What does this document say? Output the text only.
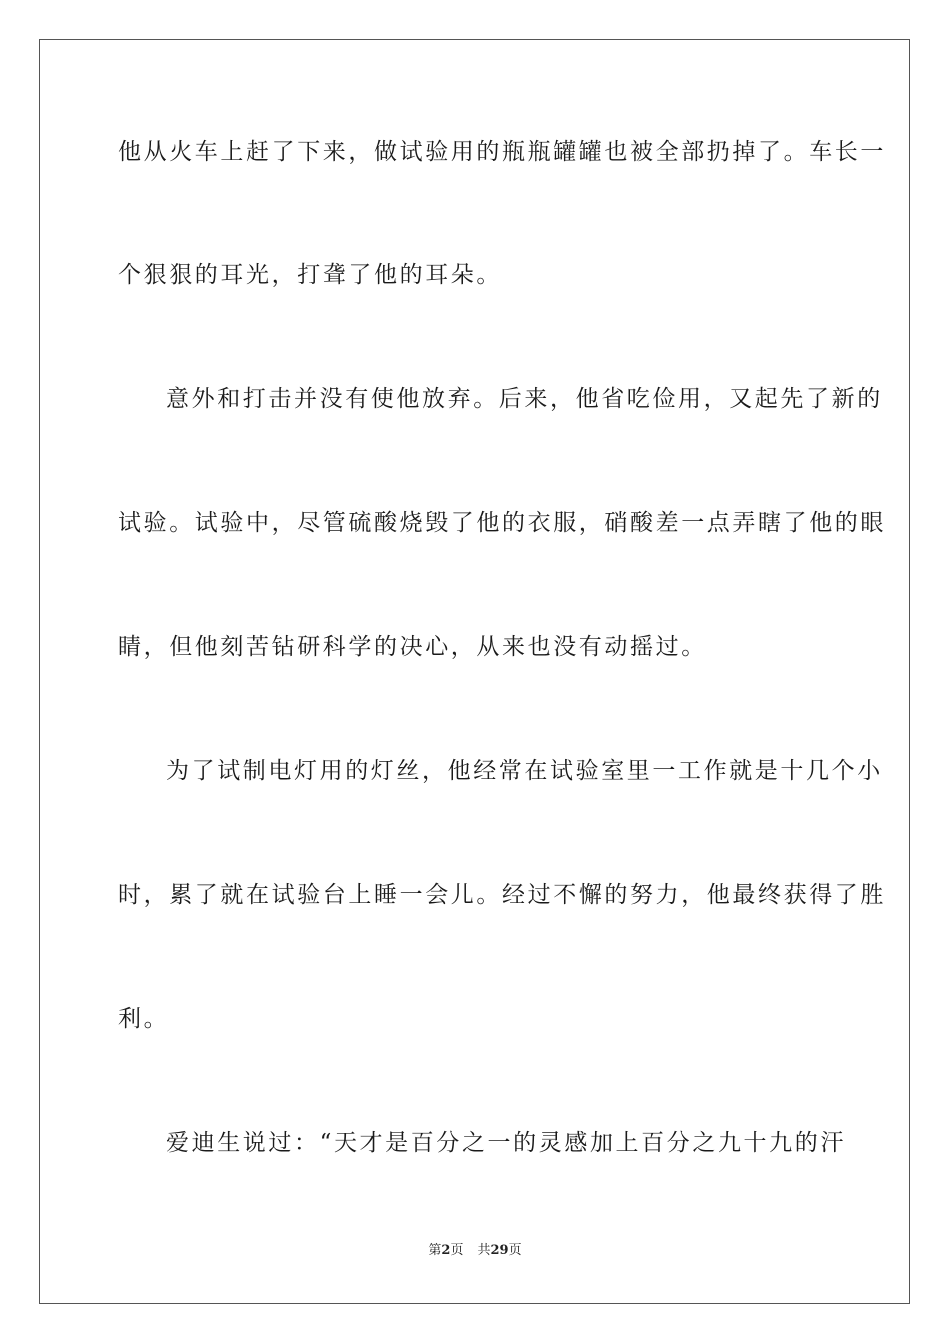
他从火车上赶了下来，做试验用的瓶瓶罐罐也被全部扔掉了。车长一
个狠狠的耳光，打聋了他的耳朵。
意外和打击并没有使他放弃。后来，他省吃俭用，又起先了新的
试验。试验中，尽管硫酸烧毁了他的衣服，硝酸差一点弄瞎了他的眼
睛，但他刻苦钻研科学的决心，从来也没有动摇过。
为了试制电灯用的灯丝，他经常在试验室里一工作就是十几个小
时，累了就在试验台上睡一会儿。经过不懈的努力，他最终获得了胜
利。
爱迪生说过：“天才是百分之一的灵感加上百分之九十九的汗
第2页 共29页
